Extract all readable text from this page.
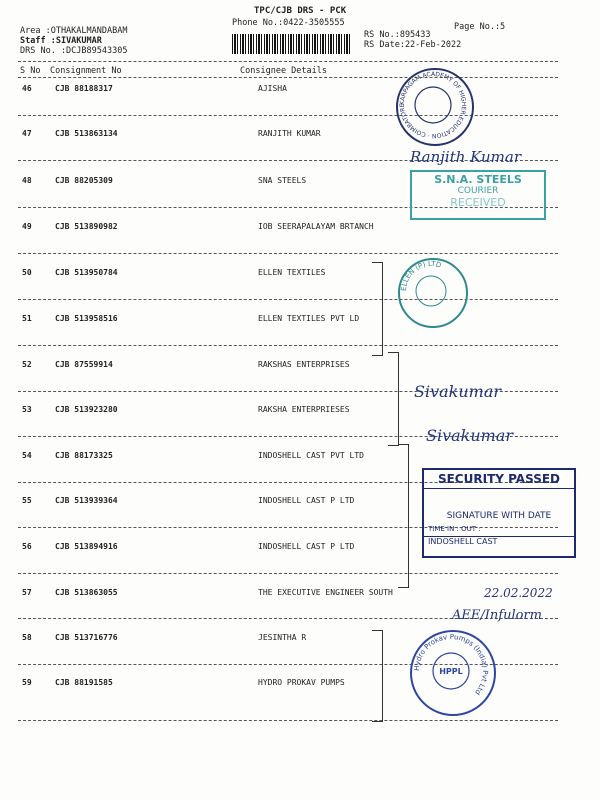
TPC/CJB DRS - PCK
Phone No.:0422-3505555	Page No.:5
Area :OTHAKALMANDABAM
Staff :SIVAKUMAR
DRS No. :DCJB89543305
RS No.:895433
RS Date:22-Feb-2022
S No Consignment No	Consignee Details
46	CJB 88188317	AJISHA
47	CJB 513863134	RANJITH KUMAR
48	CJB 88205309	SNA STEELS
49	CJB 513890982	IOB SEERAPALAYAM BRTANCH
50	CJB 513950784	ELLEN TEXTILES
51	CJB 513958516	ELLEN TEXTILES PVT LD
52	CJB 87559914	RAKSHAS ENTERPRISES
53	CJB 513923280	RAKSHA ENTERPRIESES
54	CJB 88173325	INDOSHELL CAST PVT LTD
55	CJB 513939364	INDOSHELL CAST P LTD
56	CJB 513894916	INDOSHELL CAST P LTD
57	CJB 513863055	THE EXECUTIVE ENGINEER SOUTH
58	CJB 513716776	JESINTHA R
59	CJB 88191585	HYDRO PROKAV PUMPS
KARPAGAM ACADEMY OF HIGHER EDUCATION · COIMBATORE
S.N.A. STEELS
COURIER
RECEIVED
ELLEN (P) LTD
SECURITY PASSED
SIGNATURE WITH DATE
TIME IN : OUT :
INDOSHELL CAST
Hydro Prokav Pumps (India) Pvt Ltd
HPPL
Ranjith Kumar
Sivakumar
Sivakumar
22.02.2022
AEE/Infulorm
